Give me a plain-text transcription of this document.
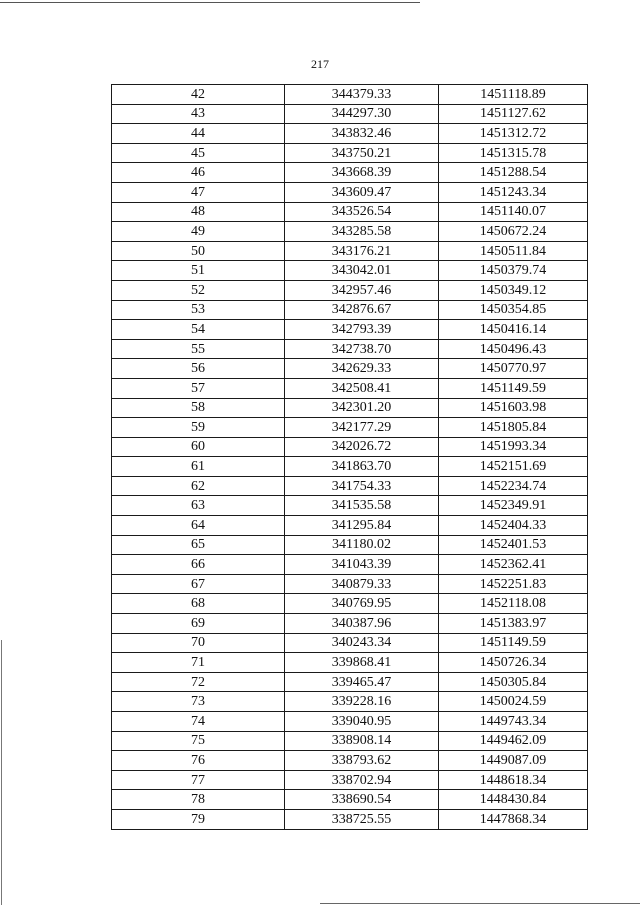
217
42	344379.33	1451118.89
43	344297.30	1451127.62
44	343832.46	1451312.72
45	343750.21	1451315.78
46	343668.39	1451288.54
47	343609.47	1451243.34
48	343526.54	1451140.07
49	343285.58	1450672.24
50	343176.21	1450511.84
51	343042.01	1450379.74
52	342957.46	1450349.12
53	342876.67	1450354.85
54	342793.39	1450416.14
55	342738.70	1450496.43
56	342629.33	1450770.97
57	342508.41	1451149.59
58	342301.20	1451603.98
59	342177.29	1451805.84
60	342026.72	1451993.34
61	341863.70	1452151.69
62	341754.33	1452234.74
63	341535.58	1452349.91
64	341295.84	1452404.33
65	341180.02	1452401.53
66	341043.39	1452362.41
67	340879.33	1452251.83
68	340769.95	1452118.08
69	340387.96	1451383.97
70	340243.34	1451149.59
71	339868.41	1450726.34
72	339465.47	1450305.84
73	339228.16	1450024.59
74	339040.95	1449743.34
75	338908.14	1449462.09
76	338793.62	1449087.09
77	338702.94	1448618.34
78	338690.54	1448430.84
79	338725.55	1447868.34
